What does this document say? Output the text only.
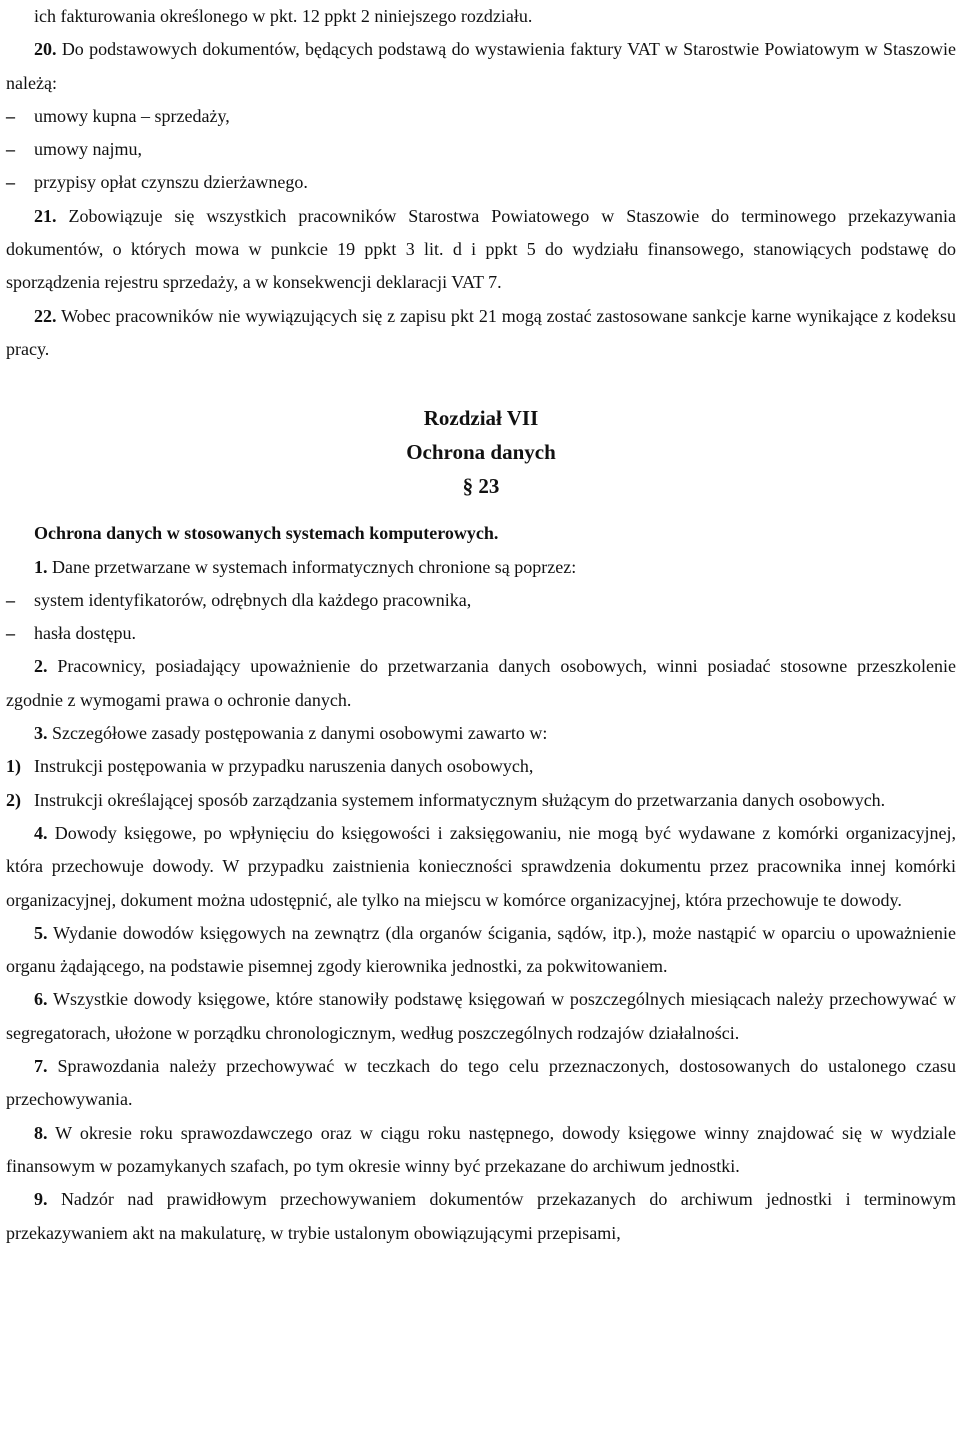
ich fakturowania określonego w pkt. 12 ppkt 2 niniejszego rozdziału.

20. Do podstawowych dokumentów, będących podstawą do wystawienia faktury VAT w Starostwie Powiatowym w Staszowie należą:

–	umowy kupna – sprzedaży,
–	umowy najmu,
–	przypisy opłat czynszu dzierżawnego.

21. Zobowiązuje się wszystkich pracowników Starostwa Powiatowego w Staszowie do terminowego przekazywania dokumentów, o których mowa w punkcie 19 ppkt 3 lit. d i ppkt 5 do wydziału finansowego, stanowiących podstawę do sporządzenia rejestru sprzedaży, a w konsekwencji deklaracji VAT 7.

22. Wobec pracowników nie wywiązujących się z zapisu pkt 21 mogą zostać zastosowane sankcje karne wynikające z kodeksu pracy.

Rozdział VII

Ochrona danych

§ 23

Ochrona danych w stosowanych systemach komputerowych.

1. Dane przetwarzane w systemach informatycznych chronione są poprzez:

–	system identyfikatorów, odrębnych dla każdego pracownika,
–	hasła dostępu.

2. Pracownicy, posiadający upoważnienie do przetwarzania danych osobowych, winni posiadać stosowne przeszkolenie zgodnie z wymogami prawa o ochronie danych.

3. Szczegółowe zasady postępowania z danymi osobowymi zawarto w:

1) Instrukcji postępowania w przypadku naruszenia danych osobowych,
2) Instrukcji określającej sposób zarządzania systemem informatycznym służącym do przetwarzania danych osobowych.

4. Dowody księgowe, po wpłynięciu do księgowości i zaksięgowaniu, nie mogą być wydawane z komórki organizacyjnej, która przechowuje dowody. W przypadku zaistnienia konieczności sprawdzenia dokumentu przez pracownika innej komórki organizacyjnej, dokument można udostępnić, ale tylko na miejscu w komórce organizacyjnej, która przechowuje te dowody.

5. Wydanie dowodów księgowych na zewnątrz (dla organów ścigania, sądów, itp.), może nastąpić w oparciu o upoważnienie organu żądającego, na podstawie pisemnej zgody kierownika jednostki, za pokwitowaniem.

6. Wszystkie dowody księgowe, które stanowiły podstawę księgowań w poszczególnych miesiącach należy przechowywać w segregatorach, ułożone w porządku chronologicznym, według poszczególnych rodzajów działalności.

7. Sprawozdania należy przechowywać w teczkach do tego celu przeznaczonych, dostosowanych do ustalonego czasu przechowywania.

8. W okresie roku sprawozdawczego oraz w ciągu roku następnego, dowody księgowe winny znajdować się w wydziale finansowym w pozamykanych szafach, po tym okresie winny być przekazane do archiwum jednostki.

9. Nadzór nad prawidłowym przechowywaniem dokumentów przekazanych do archiwum jednostki i terminowym przekazywaniem akt na makulaturę, w trybie ustalonym obowiązującymi przepisami,
